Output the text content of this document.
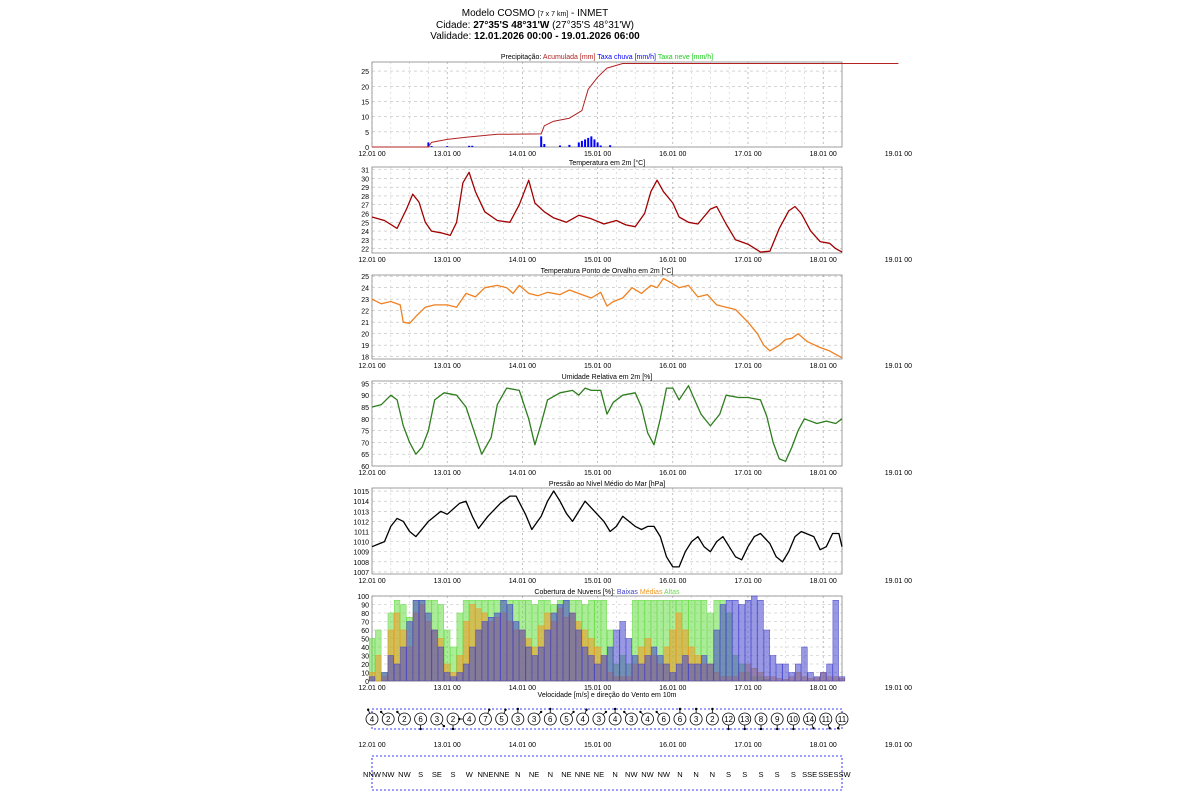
Modelo COSMO [7 x 7 km] - INMET
Cidade: 27°35'S 48°31'W (27°35'S 48°31'W)
Validade: 12.01.2026 00:00 - 19.01.2026 06:00
0
5
10
15
20
25
12.01 00	13.01 00	14.01 00	15.01 00	16.01 00	17.01 00	18.01 00	19.01 00
Precipitação: Acumulada [mm] Taxa chuva [mm/h] Taxa neve [mm/h]
22
23
24
25
26
27
28
29
30
31
12.01 00	13.01 00	14.01 00	15.01 00	16.01 00	17.01 00	18.01 00	19.01 00
Temperatura em 2m [°C]
18
19
20
21
22
23
24
25
12.01 00	13.01 00	14.01 00	15.01 00	16.01 00	17.01 00	18.01 00	19.01 00
Temperatura Ponto de Orvalho em 2m [°C]
60
65
70
75
80
85
90
95
12.01 00	13.01 00	14.01 00	15.01 00	16.01 00	17.01 00	18.01 00	19.01 00
Umidade Relativa em 2m [%]
1007
1008
1009
1010
1011
1012
1013
1014
1015
12.01 00	13.01 00	14.01 00	15.01 00	16.01 00	17.01 00	18.01 00	19.01 00
Pressão ao Nível Médio do Mar [hPa]
0
10
20
30
40
50
60
70
80
90
100
12.01 00	13.01 00	14.01 00	15.01 00	16.01 00	17.01 00	18.01 00	19.01 00
Cobertura de Nuvens [%]: Baixas Médias Altas
Velocidade [m/s] e direção do Vento em 10m
4 2 2 6 3 2 4 7 5 3 3 6 5 4 3 4 3 4 6 6 3 2 12 13 8 9 10 14 11 11
12.01 00	13.01 00	14.01 00	15.01 00	16.01 00	17.01 00	18.01 00	19.01 00
NNW NW NW S SE S W NNE NNE N NE N NE NNE NE N NW NW NW N N N S S S S S SSE SSE SSW
